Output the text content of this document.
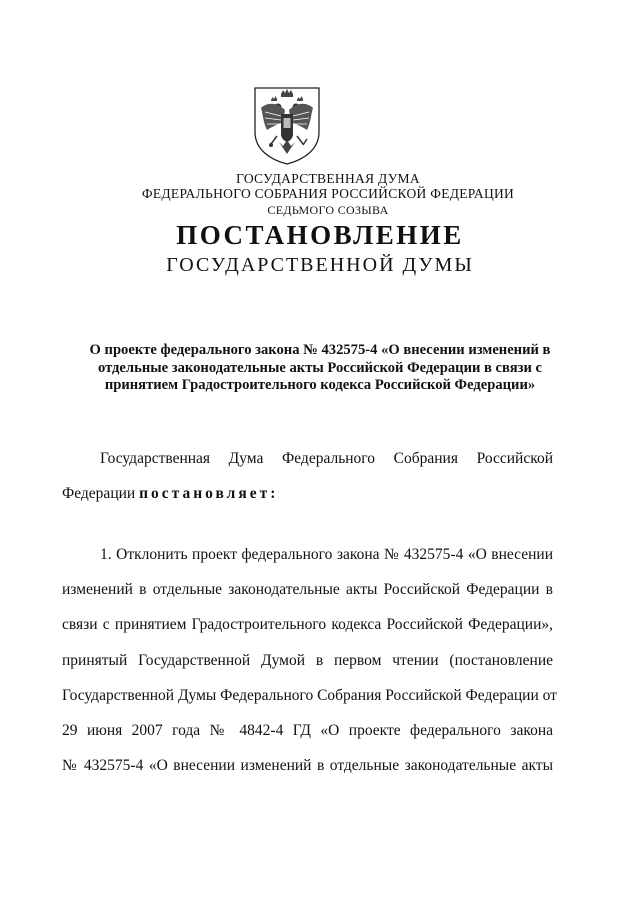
ГОСУДАРСТВЕННАЯ ДУМА
ФЕДЕРАЛЬНОГО СОБРАНИЯ РОССИЙСКОЙ ФЕДЕРАЦИИ
СЕДЬМОГО СОЗЫВА
ПОСТАНОВЛЕНИЕ
ГОСУДАРСТВЕННОЙ ДУМЫ
О проекте федерального закона № 432575-4 «О внесении изменений в
отдельные законодательные акты Российской Федерации в связи с
принятием Градостроительного кодекса Российской Федерации»
Государственная Дума Федерального Собрания Российской
Федерации постановляет:
1. Отклонить проект федерального закона № 432575-4 «О внесении
изменений в отдельные законодательные акты Российской Федерации в
связи с принятием Градостроительного кодекса Российской Федерации»,
принятый Государственной Думой в первом чтении (постановление
Государственной Думы Федерального Собрания Российской Федерации от
29 июня 2007 года № 4842-4 ГД «О проекте федерального закона
№ 432575-4 «О внесении изменений в отдельные законодательные акты
